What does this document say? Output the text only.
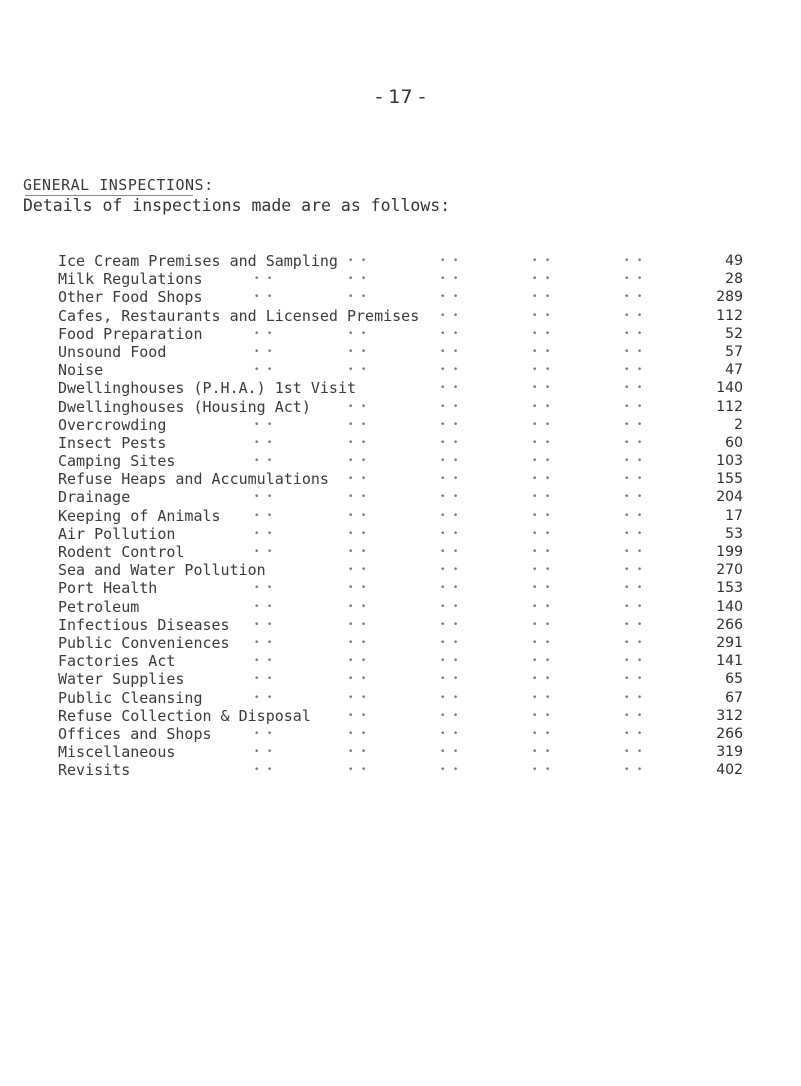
- 17 -
GENERAL INSPECTIONS:
Details of inspections made are as follows:
Ice Cream Premises and Sampling • •	• •	• •	• •	49
Milk Regulations	• •	• •	• •	• •	• •	28
Other Food Shops	• •	• •	• •	• •	• •	289
Cafes, Restaurants and Licensed Premises • •	• •	• •	112
Food Preparation	• •	• •	• •	• •	• •	52
Unsound Food	• •	• •	• •	• •	• •	57
Noise	• •	• •	• •	• •	• •	47
Dwellinghouses (P.H.A.) 1st Visit	• •	• •	• •	140
Dwellinghouses (Housing Act)	• •	• •	• •	• •	112
Overcrowding	• •	• •	• •	• •	• •	2
Insect Pests	• •	• •	• •	• •	• •	60
Camping Sites	• •	• •	• •	• •	• •	103
Refuse Heaps and Accumulations • •	• •	• •	• •	155
Drainage	• •	• •	• •	• •	• •	204
Keeping of Animals	• •	• •	• •	• •	• •	17
Air Pollution	• •	• •	• •	• •	• •	53
Rodent Control	• •	• •	• •	• •	• •	199
Sea and Water Pollution	• •	• •	• •	• •	270
Port Health	• •	• •	• •	• •	• •	153
Petroleum	• •	• •	• •	• •	• •	140
Infectious Diseases	• •	• •	• •	• •	• •	266
Public Conveniences	• •	• •	• •	• •	• •	291
Factories Act	• •	• •	• •	• •	• •	141
Water Supplies	• •	• •	• •	• •	• •	65
Public Cleansing	• •	• •	• •	• •	• •	67
Refuse Collection & Disposal	• •	• •	• •	• •	312
Offices and Shops	• •	• •	• •	• •	• •	266
Miscellaneous	• •	• •	• •	• •	• •	319
Revisits	• •	• •	• •	• •	• •	402
